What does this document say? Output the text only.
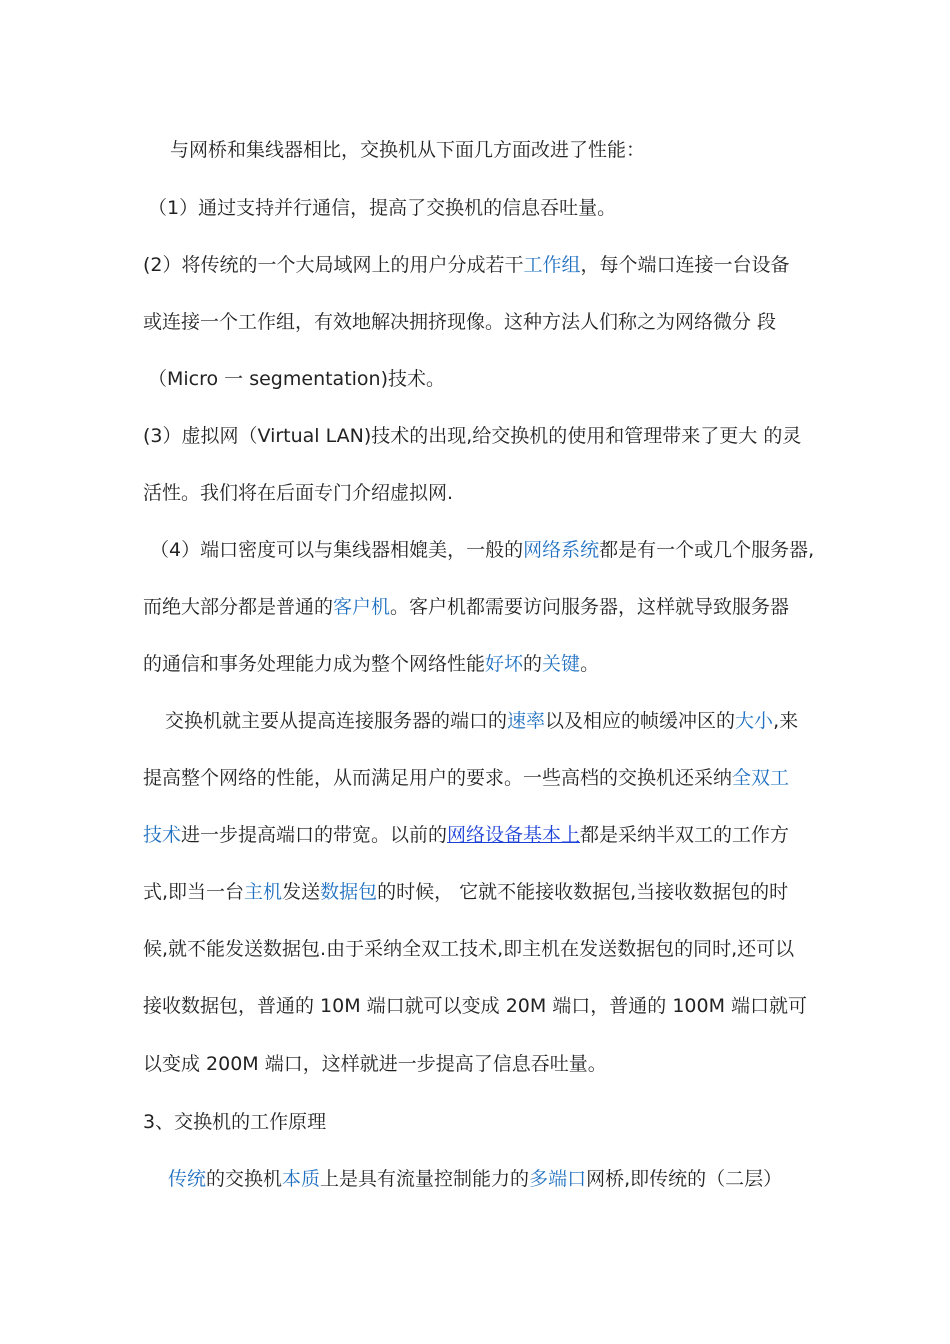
与网桥和集线器相比，交换机从下面几方面改进了性能：

（1）通过支持并行通信，提高了交换机的信息吞吐量。

(2）将传统的一个大局域网上的用户分成若干工作组，每个端口连接一台设备

或连接一个工作组，有效地解决拥挤现像。这种方法人们称之为网络微分 段

（Micro 一 segmentation)技术。

(3）虚拟网（Virtual LAN)技术的出现,给交换机的使用和管理带来了更大 的灵

活性。我们将在后面专门介绍虚拟网.

（4）端口密度可以与集线器相媲美，一般的网络系统都是有一个或几个服务器,

而绝大部分都是普通的客户机。客户机都需要访问服务器，这样就导致服务器

的通信和事务处理能力成为整个网络性能好坏的关键。

交换机就主要从提高连接服务器的端口的速率以及相应的帧缓冲区的大小,来

提高整个网络的性能，从而满足用户的要求。一些高档的交换机还采纳全双工

技术进一步提高端口的带宽。以前的网络设备基本上都是采纳半双工的工作方

式,即当一台主机发送数据包的时候， 它就不能接收数据包,当接收数据包的时

候,就不能发送数据包.由于采纳全双工技术,即主机在发送数据包的同时,还可以

接收数据包，普通的 10M 端口就可以变成 20M 端口，普通的 100M 端口就可

以变成 200M 端口，这样就进一步提高了信息吞吐量。

3、交换机的工作原理

传统的交换机本质上是具有流量控制能力的多端口网桥,即传统的（二层）
